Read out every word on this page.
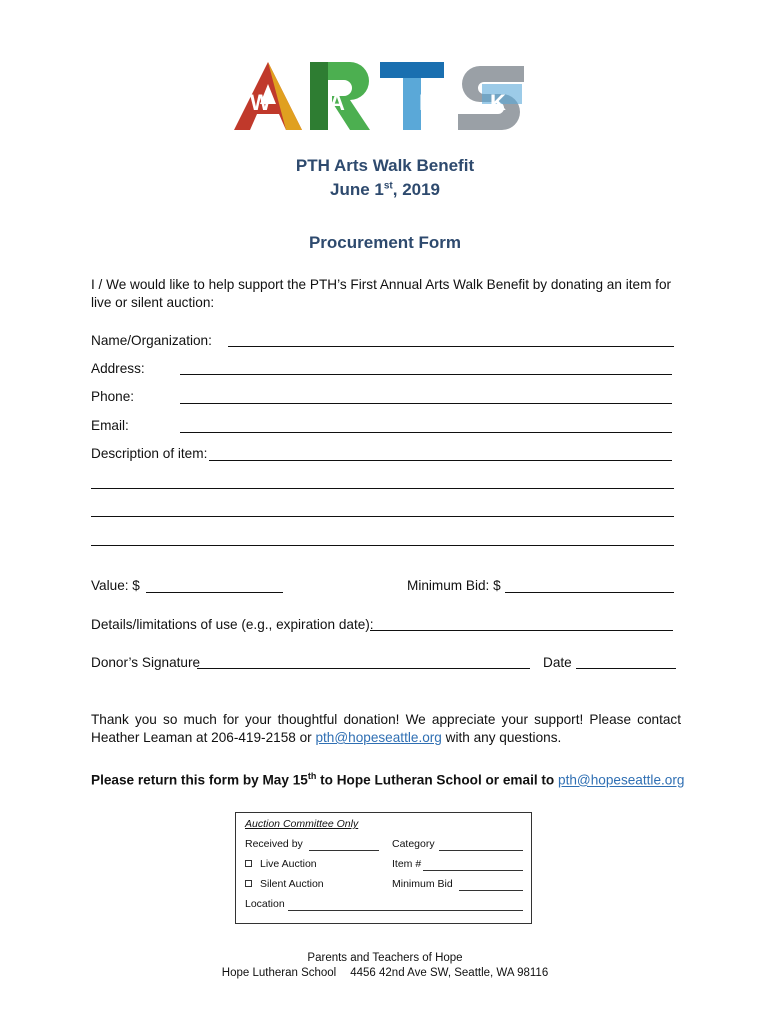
W	A	L	K
PTH Arts Walk Benefit
June 1st, 2019
Procurement Form
I / We would like to help support the PTH’s First Annual Arts Walk Benefit by donating an item for live or silent auction:
Name/Organization:
Address:
Phone:
Email:
Description of item:
Value: $	Minimum Bid: $
Details/limitations of use (e.g., expiration date):
Donor’s Signature	Date
Thank you so much for your thoughtful donation! We appreciate your support! Please contact Heather Leaman at 206-419-2158 or pth@hopeseattle.org with any questions.
Please return this form by May 15th to Hope Lutheran School or email to pth@hopeseattle.org
Auction Committee Only
Received by	Category
Live Auction	Item #
Silent Auction	Minimum Bid
Location
Parents and Teachers of Hope
Hope Lutheran School 4456 42nd Ave SW, Seattle, WA 98116
